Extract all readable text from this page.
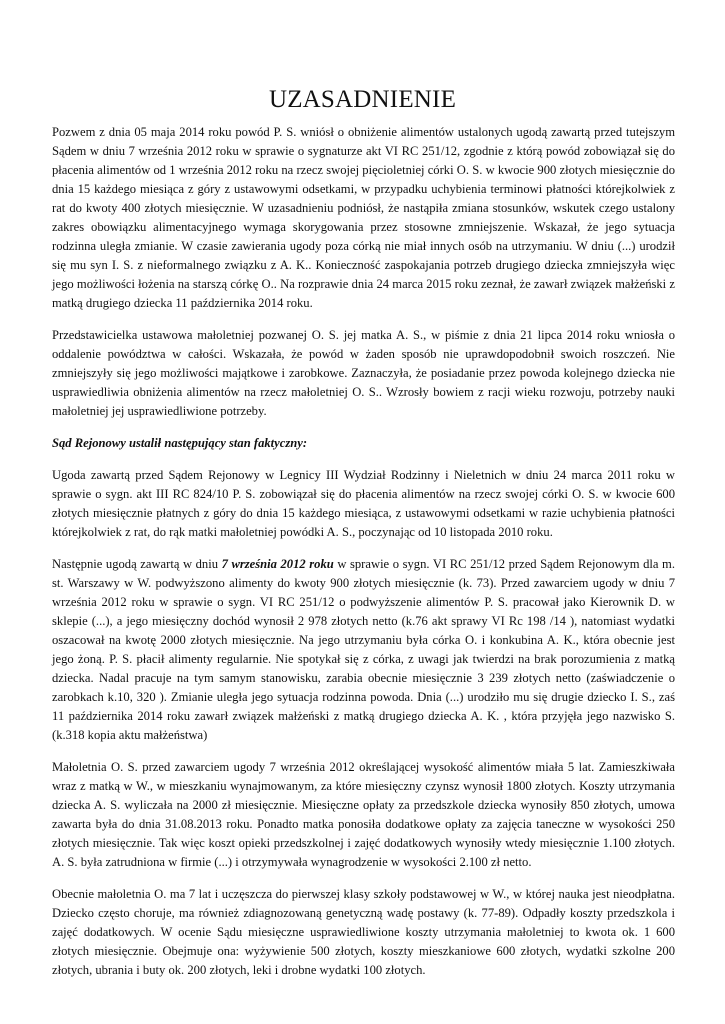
UZASADNIENIE

Pozwem z dnia 05 maja 2014 roku powód P. S. wniósł o obniżenie alimentów ustalonych ugodą zawartą przed tutejszym Sądem w dniu 7 września 2012 roku w sprawie o sygnaturze akt VI RC 251/12, zgodnie z którą powód zobowiązał się do płacenia alimentów od 1 września 2012 roku na rzecz swojej pięcioletniej córki O. S. w kwocie 900 złotych miesięcznie do dnia 15 każdego miesiąca z góry z ustawowymi odsetkami, w przypadku uchybienia terminowi płatności którejkolwiek z rat do kwoty 400 złotych miesięcznie. W uzasadnieniu podniósł, że nastąpiła zmiana stosunków, wskutek czego ustalony zakres obowiązku alimentacyjnego wymaga skorygowania przez stosowne zmniejszenie. Wskazał, że jego sytuacja rodzinna uległa zmianie. W czasie zawierania ugody poza córką nie miał innych osób na utrzymaniu. W dniu (...) urodził się mu syn I. S. z nieformalnego związku z A. K.. Konieczność zaspokajania potrzeb drugiego dziecka zmniejszyła więc jego możliwości łożenia na starszą córkę O.. Na rozprawie dnia 24 marca 2015 roku zeznał, że zawarł związek małżeński z matką drugiego dziecka 11 października 2014 roku.

Przedstawicielka ustawowa małoletniej pozwanej O. S. jej matka A. S., w piśmie z dnia 21 lipca 2014 roku wniosła o oddalenie powództwa w całości. Wskazała, że powód w żaden sposób nie uprawdopodobnił swoich roszczeń. Nie zmniejszyły się jego możliwości majątkowe i zarobkowe. Zaznaczyła, że posiadanie przez powoda kolejnego dziecka nie usprawiedliwia obniżenia alimentów na rzecz małoletniej O. S.. Wzrosły bowiem z racji wieku rozwoju, potrzeby nauki małoletniej jej usprawiedliwione potrzeby.

Sąd Rejonowy ustalił następujący stan faktyczny:

Ugoda zawartą przed Sądem Rejonowy w Legnicy III Wydział Rodzinny i Nieletnich w dniu 24 marca 2011 roku w sprawie o sygn. akt III RC 824/10 P. S. zobowiązał się do płacenia alimentów na rzecz swojej córki O. S. w kwocie 600 złotych miesięcznie płatnych z góry do dnia 15 każdego miesiąca, z ustawowymi odsetkami w razie uchybienia płatności którejkolwiek z rat, do rąk matki małoletniej powódki A. S., poczynając od 10 listopada 2010 roku.

Następnie ugodą zawartą w dniu 7 września 2012 roku w sprawie o sygn. VI RC 251/12 przed Sądem Rejonowym dla m. st. Warszawy w W. podwyższono alimenty do kwoty 900 złotych miesięcznie (k. 73). Przed zawarciem ugody w dniu 7 września 2012 roku w sprawie o sygn. VI RC 251/12 o podwyższenie alimentów P. S. pracował jako Kierownik D. w sklepie (...), a jego miesięczny dochód wynosił 2 978 złotych netto (k.76 akt sprawy VI Rc 198 /14 ), natomiast wydatki oszacował na kwotę 2000 złotych miesięcznie. Na jego utrzymaniu była córka O. i konkubina A. K., która obecnie jest jego żoną. P. S. płacił alimenty regularnie. Nie spotykał się z córka, z uwagi jak twierdzi na brak porozumienia z matką dziecka. Nadal pracuje na tym samym stanowisku, zarabia obecnie miesięcznie 3 239 złotych netto (zaświadczenie o zarobkach k.10, 320 ). Zmianie uległa jego sytuacja rodzinna powoda. Dnia (...) urodziło mu się drugie dziecko I. S., zaś 11 października 2014 roku zawarł związek małżeński z matką drugiego dziecka A. K. , która przyjęła jego nazwisko S. (k.318 kopia aktu małżeństwa)

Małoletnia O. S. przed zawarciem ugody 7 września 2012 określającej wysokość alimentów miała 5 lat. Zamieszkiwała wraz z matką w W., w mieszkaniu wynajmowanym, za które miesięczny czynsz wynosił 1800 złotych. Koszty utrzymania dziecka A. S. wyliczała na 2000 zł miesięcznie. Miesięczne opłaty za przedszkole dziecka wynosiły 850 złotych, umowa zawarta była do dnia 31.08.2013 roku. Ponadto matka ponosiła dodatkowe opłaty za zajęcia taneczne w wysokości 250 złotych miesięcznie. Tak więc koszt opieki przedszkolnej i zajęć dodatkowych wynosiły wtedy miesięcznie 1.100 złotych. A. S. była zatrudniona w firmie (...) i otrzymywała wynagrodzenie w wysokości 2.100 zł netto.

Obecnie małoletnia O. ma 7 lat i uczęszcza do pierwszej klasy szkoły podstawowej w W., w której nauka jest nieodpłatna. Dziecko często choruje, ma również zdiagnozowaną genetyczną wadę postawy (k. 77-89). Odpadły koszty przedszkola i zajęć dodatkowych. W ocenie Sądu miesięczne usprawiedliwione koszty utrzymania małoletniej to kwota ok. 1 600 złotych miesięcznie. Obejmuje ona: wyżywienie 500 złotych, koszty mieszkaniowe 600 złotych, wydatki szkolne 200 złotych, ubrania i buty ok. 200 złotych, leki i drobne wydatki 100 złotych.
